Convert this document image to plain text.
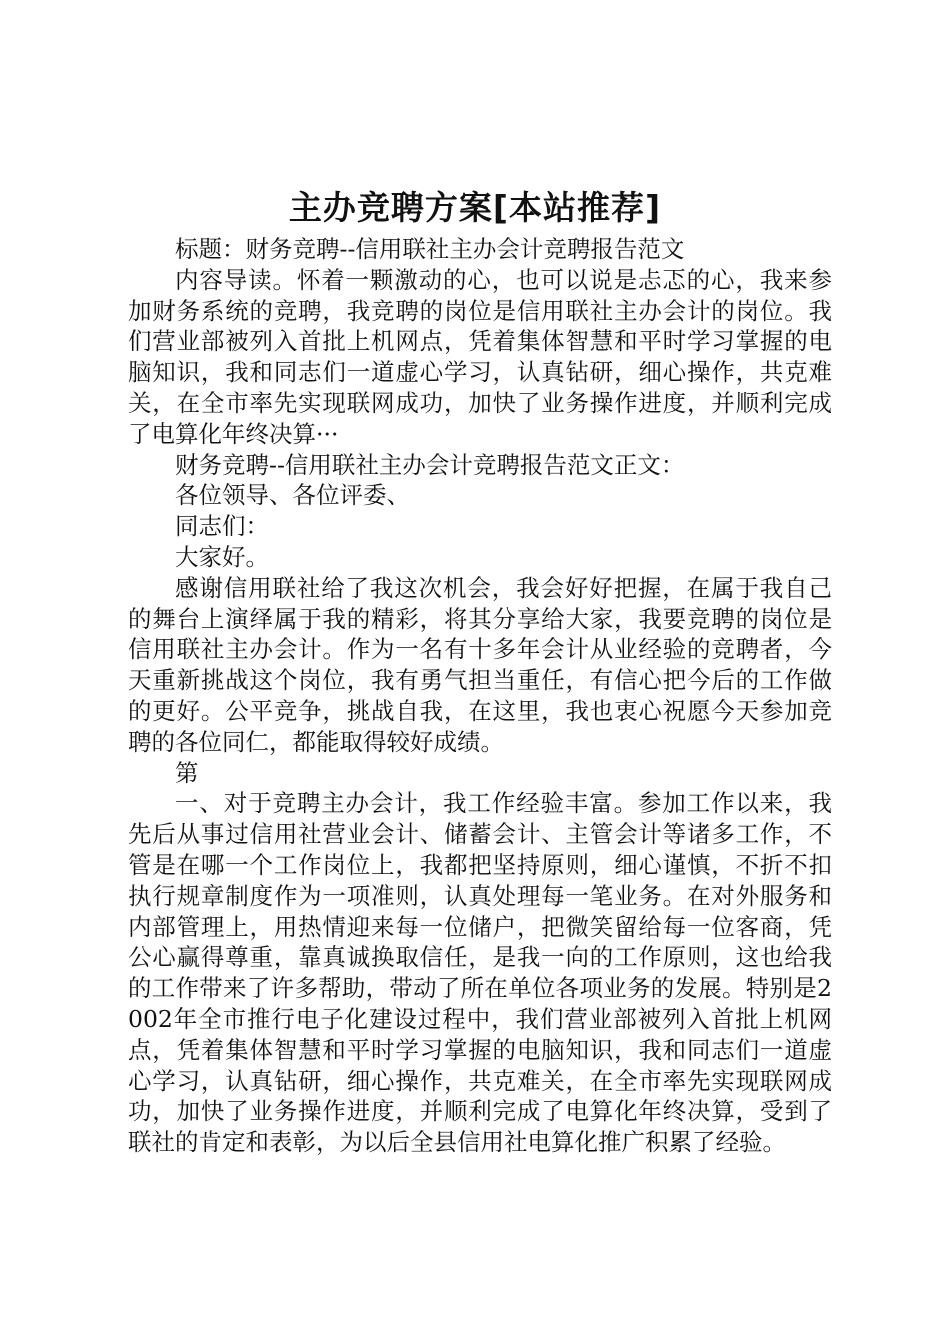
主办竞聘方案[本站推荐]

标题：财务竞聘--信用联社主办会计竞聘报告范文

内容导读。怀着一颗激动的心，也可以说是忐忑的心，我来参加财务系统的竞聘，我竞聘的岗位是信用联社主办会计的岗位。我们营业部被列入首批上机网点，凭着集体智慧和平时学习掌握的电脑知识，我和同志们一道虚心学习，认真钻研，细心操作，共克难关，在全市率先实现联网成功，加快了业务操作进度，并顺利完成了电算化年终决算···

财务竞聘--信用联社主办会计竞聘报告范文正文：

各位领导、各位评委、

同志们：

大家好。

感谢信用联社给了我这次机会，我会好好把握，在属于我自己的舞台上演绎属于我的精彩，将其分享给大家，我要竞聘的岗位是信用联社主办会计。作为一名有十多年会计从业经验的竞聘者，今天重新挑战这个岗位，我有勇气担当重任，有信心把今后的工作做的更好。公平竞争，挑战自我，在这里，我也衷心祝愿今天参加竞聘的各位同仁，都能取得较好成绩。

第

一、对于竞聘主办会计，我工作经验丰富。参加工作以来，我先后从事过信用社营业会计、储蓄会计、主管会计等诸多工作，不管是在哪一个工作岗位上，我都把坚持原则，细心谨慎，不折不扣执行规章制度作为一项准则，认真处理每一笔业务。在对外服务和内部管理上，用热情迎来每一位储户，把微笑留给每一位客商，凭公心赢得尊重，靠真诚换取信任，是我一向的工作原则，这也给我的工作带来了许多帮助，带动了所在单位各项业务的发展。特别是2002年全市推行电子化建设过程中，我们营业部被列入首批上机网点，凭着集体智慧和平时学习掌握的电脑知识，我和同志们一道虚心学习，认真钻研，细心操作，共克难关，在全市率先实现联网成功，加快了业务操作进度，并顺利完成了电算化年终决算，受到了联社的肯定和表彰，为以后全县信用社电算化推广积累了经验。
